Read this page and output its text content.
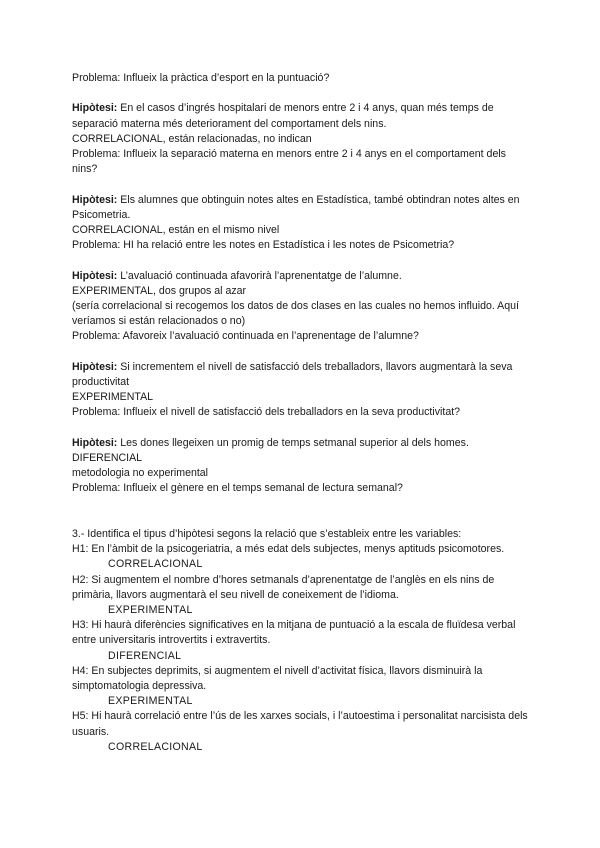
Problema: Influeix la pràctica d’esport en la puntuació?

Hipòtesi: En el casos d’ingrés hospitalari de menors entre 2 i 4 anys, quan més temps de separació materna més deteriorament del comportament dels nins.

CORRELACIONAL, están relacionadas, no indican

Problema: Influeix la separació materna en menors entre 2 i 4 anys en el comportament dels nins?

Hipòtesi: Els alumnes que obtinguin notes altes en Estadística, també obtindran notes altes en Psicometria.

CORRELACIONAL, están en el mismo nivel

Problema: HI ha relació entre les notes en Estadística i les notes de Psicometria?

Hipòtesi: L’avaluació continuada afavorirà l’aprenentatge de l’alumne.

EXPERIMENTAL, dos grupos al azar

(sería correlacional si recogemos los datos de dos clases en las cuales no hemos influido. Aquí veríamos si están relacionados o no)

Problema: Afavoreix l’avaluació continuada en l’aprenentage de l’alumne?

Hipòtesi: Si incrementem el nivell de satisfacció dels treballadors, llavors augmentarà la seva productivitat

EXPERIMENTAL

Problema: Influeix el nivell de satisfacció dels treballadors en la seva productivitat?

Hipòtesi: Les dones llegeixen un promig de temps setmanal superior al dels homes.

DIFERENCIAL

metodologia no experimental

Problema: Influeix el gènere en el temps semanal de lectura semanal?

3.- Identifica el tipus d’hipòtesi segons la relació que s’estableix entre les variables:

H1: En l’àmbit de la psicogeriatria, a més edat dels subjectes, menys aptituds psicomotores.

CORRELACIONAL

H2: Si augmentem el nombre d’hores setmanals d’aprenentatge de l’anglès en els nins de primària, llavors augmentarà el seu nivell de coneixement de l’idioma.

EXPERIMENTAL

H3: Hi haurà diferències significatives en la mitjana de puntuació a la escala de fluïdesa verbal entre universitaris introvertits i extravertits.

DIFERENCIAL

H4: En subjectes deprimits, si augmentem el nivell d’activitat física, llavors disminuirà la simptomatologia depressiva.

EXPERIMENTAL

H5: Hi haurà correlació entre l’ús de les xarxes socials, i l’autoestima i personalitat narcisista dels usuaris.

CORRELACIONAL
